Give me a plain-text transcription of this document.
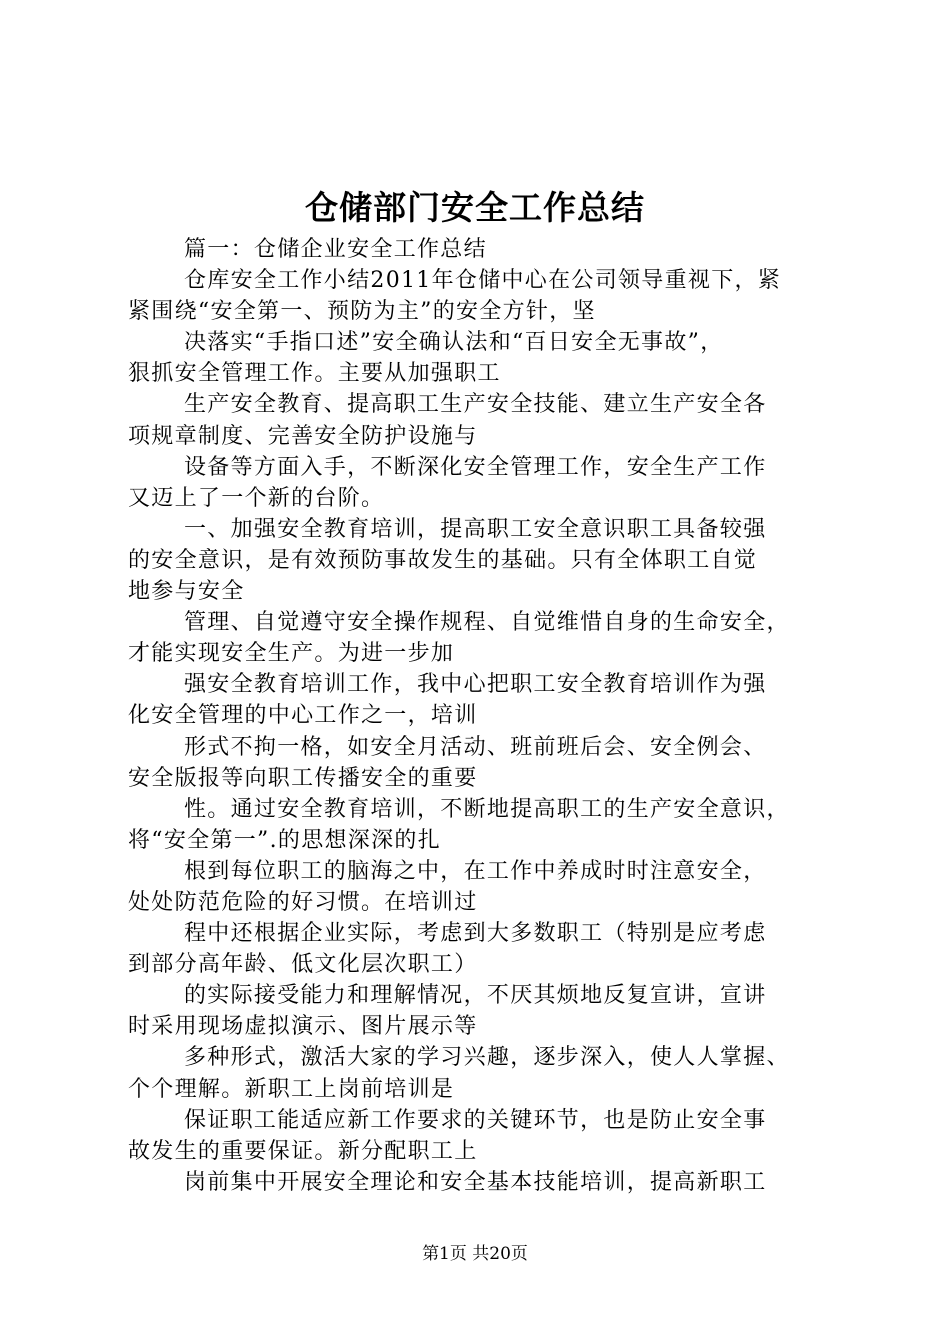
仓储部门安全工作总结
篇一：仓储企业安全工作总结
仓库安全工作小结2011年仓储中心在公司领导重视下，紧
紧围绕“安全第一、预防为主”的安全方针，坚
决落实“手指口述”安全确认法和“百日安全无事故”，
狠抓安全管理工作。主要从加强职工
生产安全教育、提高职工生产安全技能、建立生产安全各
项规章制度、完善安全防护设施与
设备等方面入手，不断深化安全管理工作，安全生产工作
又迈上了一个新的台阶。
一、加强安全教育培训，提高职工安全意识职工具备较强
的安全意识，是有效预防事故发生的基础。只有全体职工自觉
地参与安全
管理、自觉遵守安全操作规程、自觉维惜自身的生命安全，
才能实现安全生产。为进一步加
强安全教育培训工作，我中心把职工安全教育培训作为强
化安全管理的中心工作之一，培训
形式不拘一格，如安全月活动、班前班后会、安全例会、
安全版报等向职工传播安全的重要
性。通过安全教育培训，不断地提高职工的生产安全意识，
将“安全第一”.的思想深深的扎
根到每位职工的脑海之中，在工作中养成时时注意安全，
处处防范危险的好习惯。在培训过
程中还根据企业实际，考虑到大多数职工（特别是应考虑
到部分高年龄、低文化层次职工）
的实际接受能力和理解情况，不厌其烦地反复宣讲，宣讲
时采用现场虚拟演示、图片展示等
多种形式，激活大家的学习兴趣，逐步深入，使人人掌握、
个个理解。新职工上岗前培训是
保证职工能适应新工作要求的关键环节，也是防止安全事
故发生的重要保证。新分配职工上
岗前集中开展安全理论和安全基本技能培训，提高新职工
第1页 共20页
